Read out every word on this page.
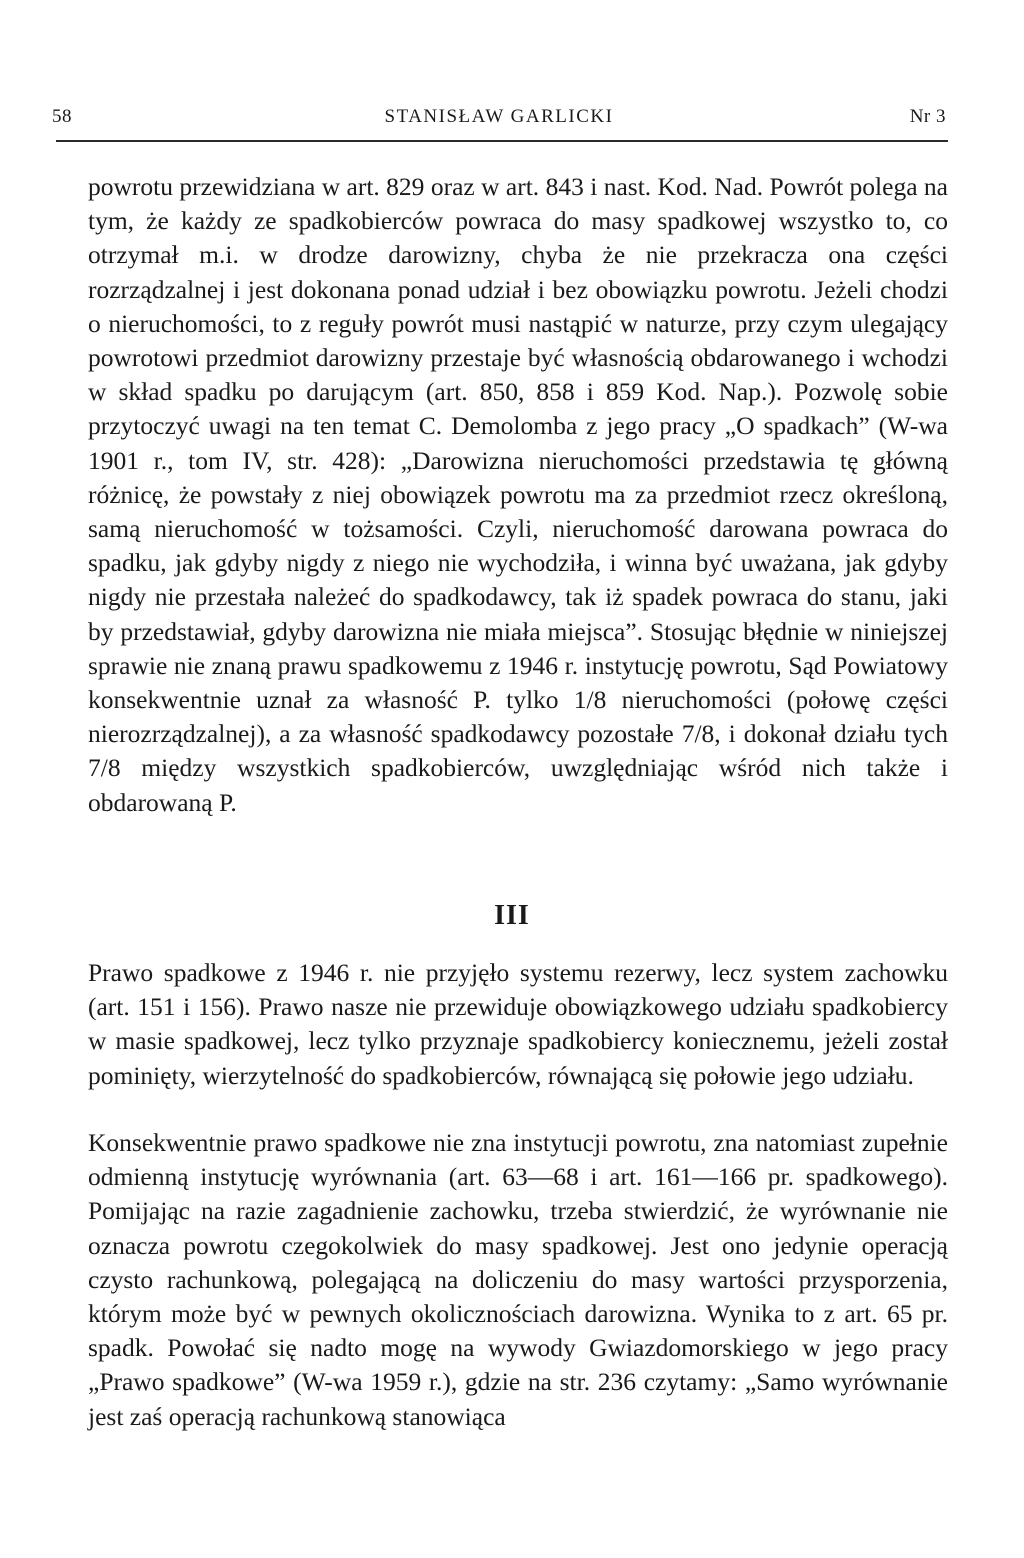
58	STANISŁAW GARLICKI	Nr 3
powrotu przewidziana w art. 829 oraz w art. 843 i nast. Kod. Nad. Powrót polega na tym, że każdy ze spadkobierców powraca do masy spadkowej wszystko to, co otrzymał m.i. w drodze darowizny, chyba że nie przekracza ona części rozrządzalnej i jest dokonana ponad udział i bez obowiązku powrotu. Jeżeli chodzi o nieruchomości, to z reguły powrót musi nastąpić w naturze, przy czym ulegający powrotowi przedmiot darowizny przestaje być własnością obdarowanego i wchodzi w skład spadku po darującym (art. 850, 858 i 859 Kod. Nap.). Pozwolę sobie przytoczyć uwagi na ten temat C. Demolomba z jego pracy „O spadkach” (W-wa 1901 r., tom IV, str. 428): „Darowizna nieruchomości przedstawia tę główną różnicę, że powstały z niej obowiązek powrotu ma za przedmiot rzecz określoną, samą nieruchomość w tożsamości. Czyli, nieruchomość darowana powraca do spadku, jak gdyby nigdy z niego nie wychodziła, i winna być uważana, jak gdyby nigdy nie przestała należeć do spadkodawcy, tak iż spadek powraca do stanu, jaki by przedstawiał, gdyby darowizna nie miała miejsca”. Stosując błędnie w niniejszej sprawie nie znaną prawu spadkowemu z 1946 r. instytucję powrotu, Sąd Powiatowy konsekwentnie uznał za własność P. tylko 1/8 nieruchomości (połowę części nierozrządzalnej), a za własność spadkodawcy pozostałe 7/8, i dokonał działu tych 7/8 między wszystkich spadkobierców, uwzględniając wśród nich także i obdarowaną P.
III
Prawo spadkowe z 1946 r. nie przyjęło systemu rezerwy, lecz system zachowku (art. 151 i 156). Prawo nasze nie przewiduje obowiązkowego udziału spadkobiercy w masie spadkowej, lecz tylko przyznaje spadkobiercy koniecznemu, jeżeli został pominięty, wierzytelność do spadkobierców, równającą się połowie jego udziału.
Konsekwentnie prawo spadkowe nie zna instytucji powrotu, zna natomiast zupełnie odmienną instytucję wyrównania (art. 63—68 i art. 161—166 pr. spadkowego). Pomijając na razie zagadnienie zachowku, trzeba stwierdzić, że wyrównanie nie oznacza powrotu czegokolwiek do masy spadkowej. Jest ono jedynie operacją czysto rachunkową, polegającą na doliczeniu do masy wartości przysporzenia, którym może być w pewnych okolicznościach darowizna. Wynika to z art. 65 pr. spadk. Powołać się nadto mogę na wywody Gwiazdomorskiego w jego pracy „Prawo spadkowe” (W-wa 1959 r.), gdzie na str. 236 czytamy: „Samo wyrównanie jest zaś operacją rachunkową stanowiąca
